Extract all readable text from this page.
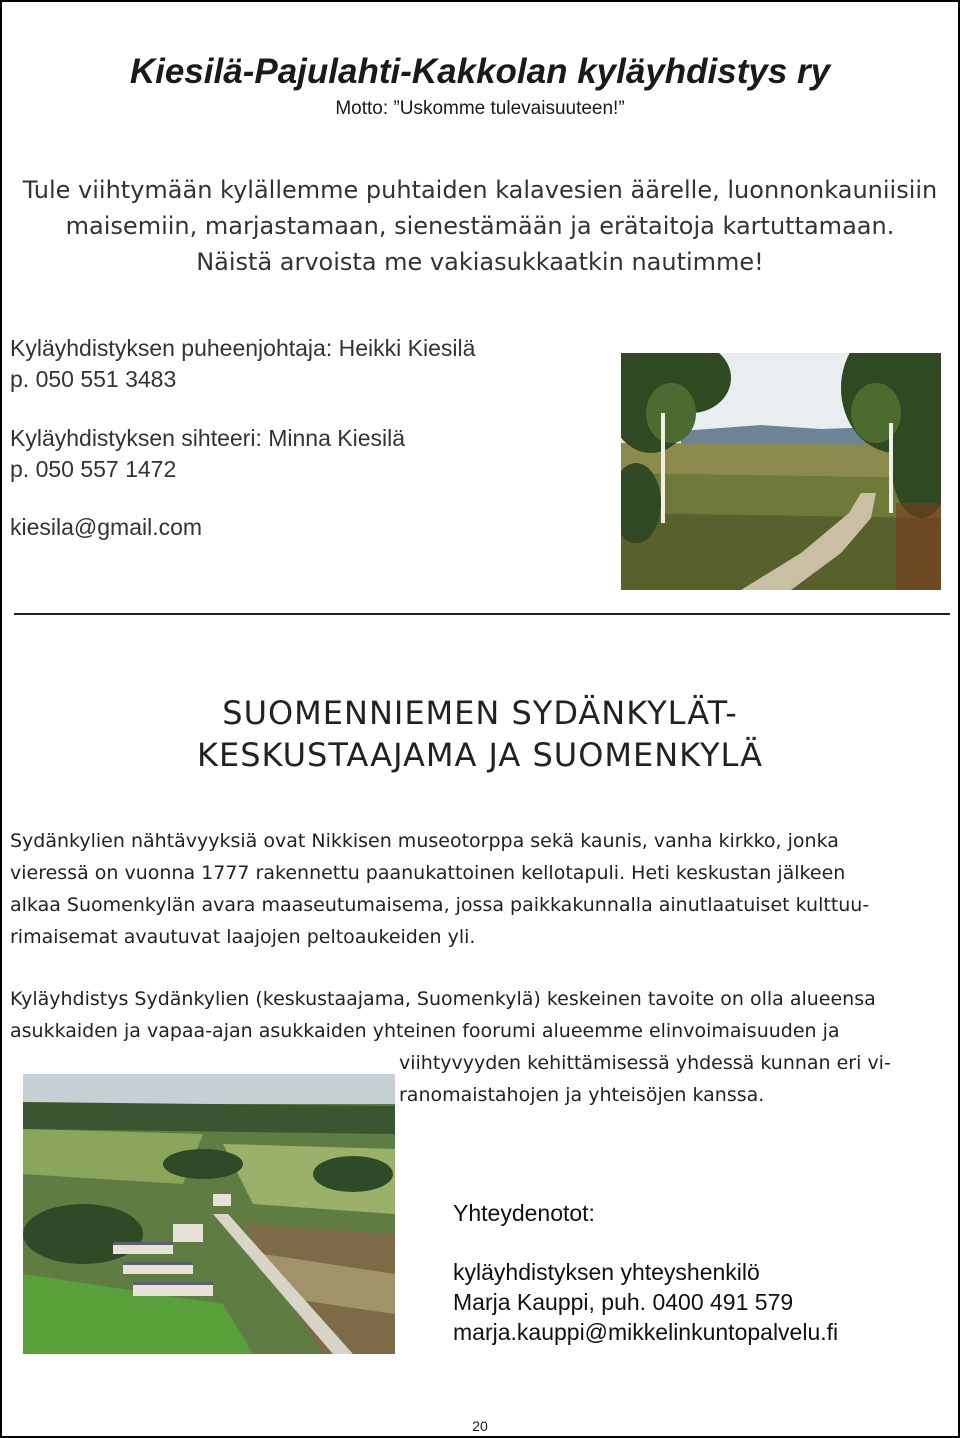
Kiesilä-Pajulahti-Kakkolan kyläyhdistys ry
Motto: ”Uskomme tulevaisuuteen!”
Tule viihtymään kylällemme puhtaiden kalavesien äärelle, luonnonkauniisiin
maisemiin, marjastamaan, sienestämään ja erätaitoja kartuttamaan.
Näistä arvoista me vakiasukkaatkin nautimme!
Kyläyhdistyksen puheenjohtaja: Heikki Kiesilä
p. 050 551 3483
Kyläyhdistyksen sihteeri: Minna Kiesilä
p. 050 557 1472
kiesila@gmail.com
SUOMENNIEMEN SYDÄNKYLÄT-
KESKUSTAAJAMA JA SUOMENKYLÄ
Sydänkylien nähtävyyksiä ovat Nikkisen museotorppa sekä kaunis, vanha kirkko, jonka
vieressä on vuonna 1777 rakennettu paanukattoinen kellotapuli. Heti keskustan jälkeen
alkaa Suomenkylän avara maaseutumaisema, jossa paikkakunnalla ainutlaatuiset kulttuu-
rimaisemat avautuvat laajojen peltoaukeiden yli.
Kyläyhdistys Sydänkylien (keskustaajama, Suomenkylä) keskeinen tavoite on olla alueensa
asukkaiden ja vapaa-ajan asukkaiden yhteinen foorumi alueemme elinvoimaisuuden ja
viihtyvyyden kehittämisessä yhdessä kunnan eri vi-
ranomaistahojen ja yhteisöjen kanssa.
Yhteydenotot:
kyläyhdistyksen yhteyshenkilö
Marja Kauppi, puh. 0400 491 579
marja.kauppi@mikkelinkuntopalvelu.fi
20
